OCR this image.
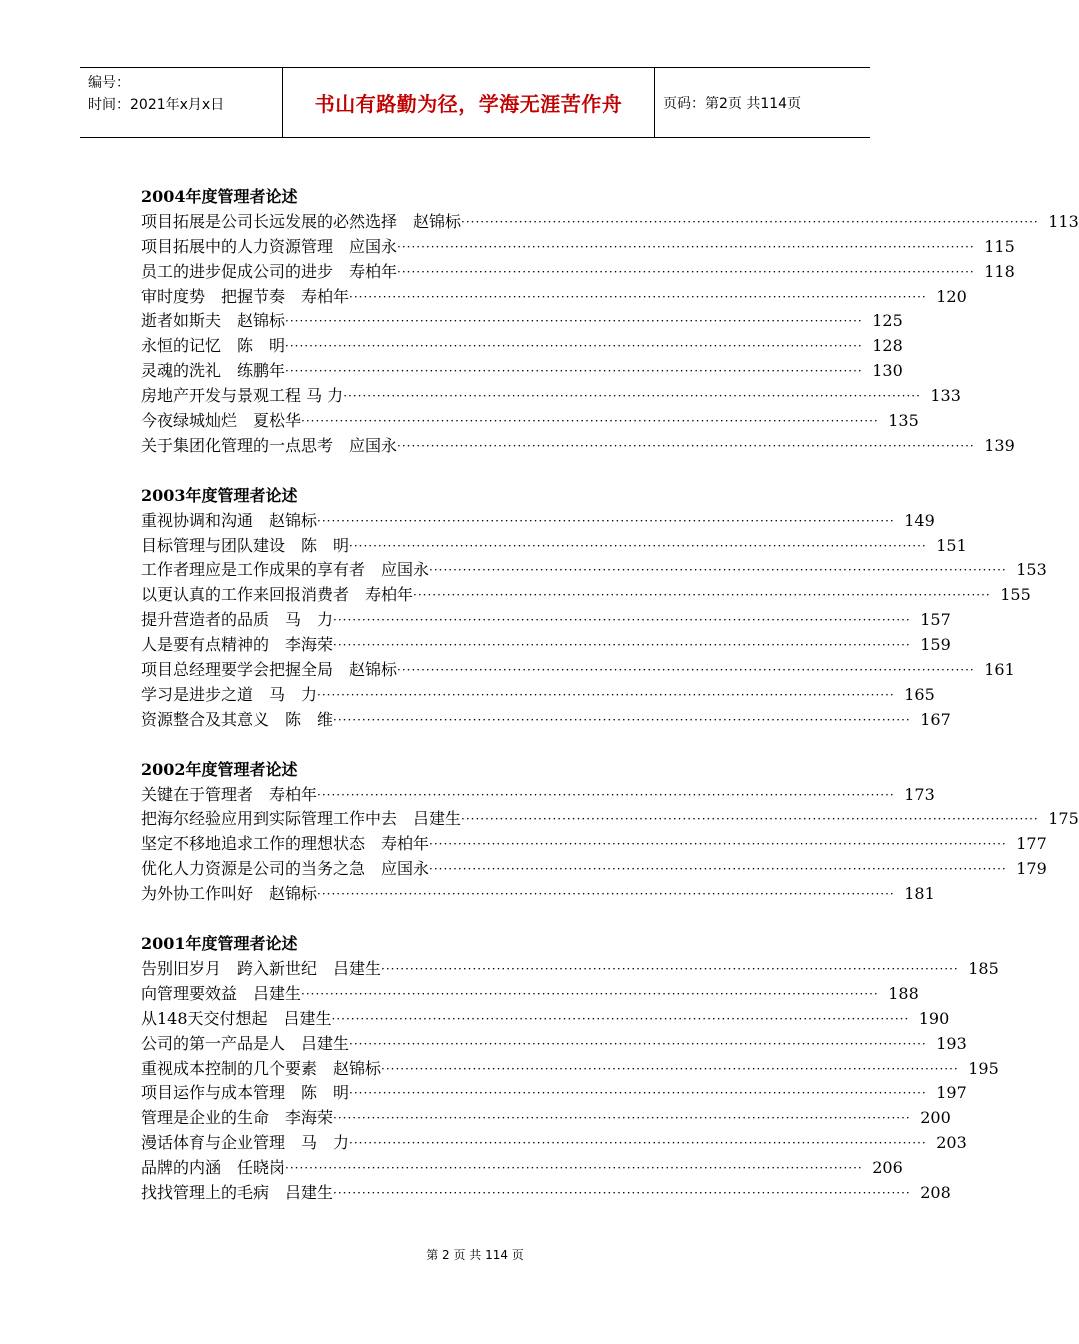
编号：
时间：2021年x月x日	书山有路勤为径，学海无涯苦作舟	页码：第2页 共114页
2004年度管理者论述
项目拓展是公司长远发展的必然选择　赵锦标 ························································································································ 113
项目拓展中的人力资源管理　应国永 ························································································································ 115
员工的进步促成公司的进步　寿柏年 ························································································································ 118
审时度势　把握节奏　寿柏年 ························································································································ 120
逝者如斯夫　赵锦标 ························································································································ 125
永恒的记忆　陈　明 ························································································································ 128
灵魂的洗礼　练鹏年 ························································································································ 130
房地产开发与景观工程 马 力 ························································································································ 133
今夜绿城灿烂　夏松华 ························································································································ 135
关于集团化管理的一点思考　应国永 ························································································································ 139
2003年度管理者论述
重视协调和沟通　赵锦标 ························································································································ 149
目标管理与团队建设　陈　明 ························································································································ 151
工作者理应是工作成果的享有者　应国永 ························································································································ 153
以更认真的工作来回报消费者　寿柏年 ························································································································ 155
提升营造者的品质　马　力 ························································································································ 157
人是要有点精神的　李海荣 ························································································································ 159
项目总经理要学会把握全局　赵锦标 ························································································································ 161
学习是进步之道　马　力 ························································································································ 165
资源整合及其意义　陈　维 ························································································································ 167
2002年度管理者论述
关键在于管理者　寿柏年 ························································································································ 173
把海尔经验应用到实际管理工作中去　吕建生 ························································································································ 175
坚定不移地追求工作的理想状态　寿柏年 ························································································································ 177
优化人力资源是公司的当务之急　应国永 ························································································································ 179
为外协工作叫好　赵锦标 ························································································································ 181
2001年度管理者论述
告别旧岁月　跨入新世纪　吕建生 ························································································································ 185
向管理要效益　吕建生 ························································································································ 188
从148天交付想起　吕建生 ························································································································ 190
公司的第一产品是人　吕建生 ························································································································ 193
重视成本控制的几个要素　赵锦标 ························································································································ 195
项目运作与成本管理　陈　明 ························································································································ 197
管理是企业的生命　李海荣 ························································································································ 200
漫话体育与企业管理　马　力 ························································································································ 203
品牌的内涵　任晓岗 ························································································································ 206
找找管理上的毛病　吕建生 ························································································································ 208
第 2 页 共 114 页
